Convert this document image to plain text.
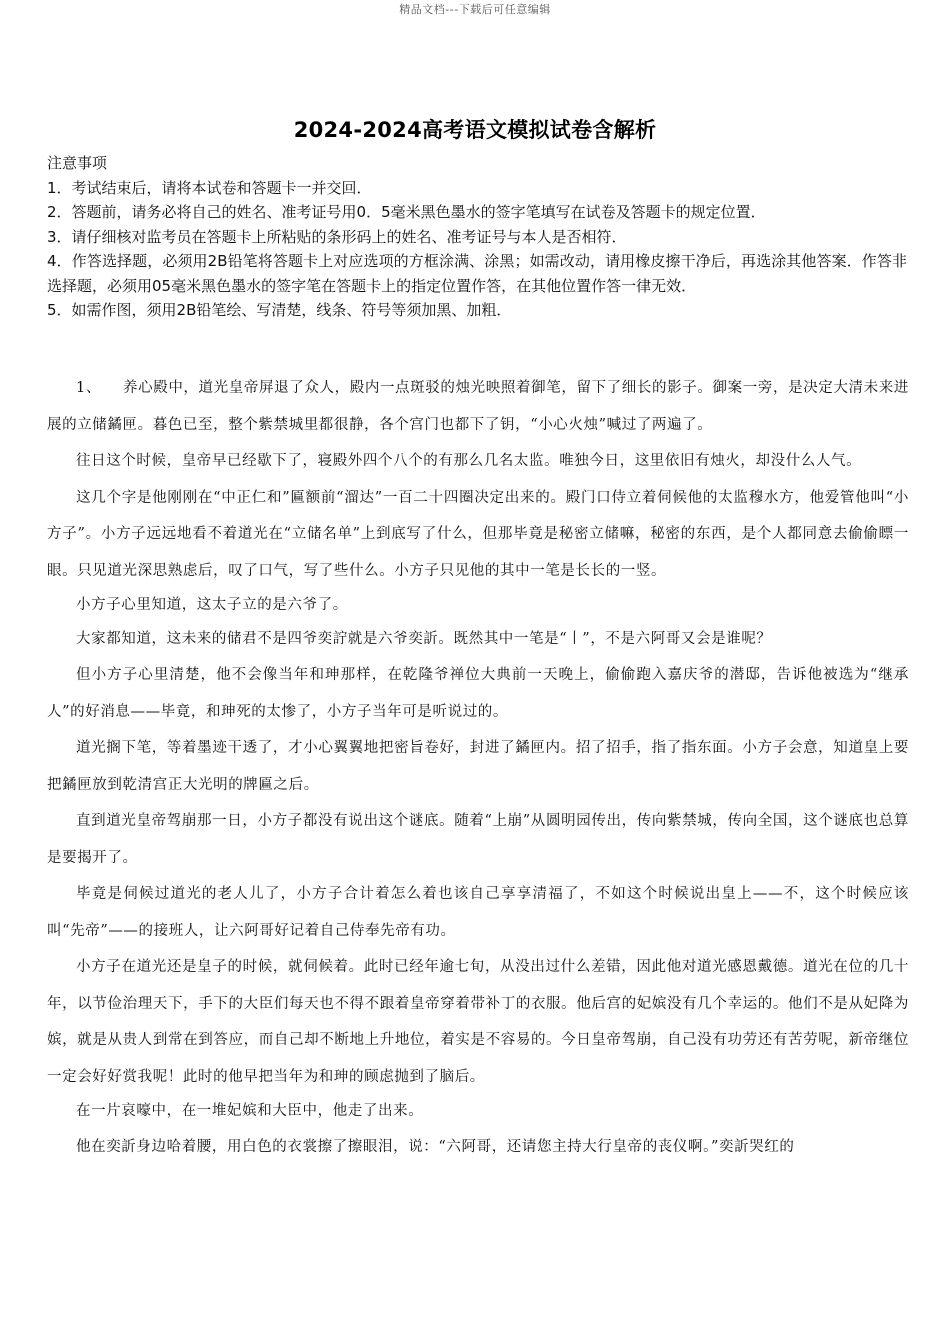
精品文档---下载后可任意编辑
2024-2024高考语文模拟试卷含解析

注意事项

1．考试结束后，请将本试卷和答题卡一并交回．

2．答题前，请务必将自己的姓名、准考证号用0．5毫米黑色墨水的签字笔填写在试卷及答题卡的规定位置．

3．请仔细核对监考员在答题卡上所粘贴的条形码上的姓名、准考证号与本人是否相符．

4．作答选择题，必须用2B铅笔将答题卡上对应选项的方框涂满、涂黑；如需改动，请用橡皮擦干净后，再选涂其他答案．作答非选择题，必须用05毫米黑色墨水的签字笔在答题卡上的指定位置作答，在其他位置作答一律无效．

5．如需作图，须用2B铅笔绘、写清楚，线条、符号等须加黑、加粗．

1、 养心殿中，道光皇帝屏退了众人，殿内一点斑驳的烛光映照着御笔，留下了细长的影子。御案一旁，是决定大清未来进展的立储鐍匣。暮色已至，整个紫禁城里都很静，各个宫门也都下了钥，“小心火烛”喊过了两遍了。

往日这个时候，皇帝早已经歇下了，寝殿外四个八个的有那么几名太监。唯独今日，这里依旧有烛火，却没什么人气。

这几个字是他刚刚在“中正仁和”匾额前“溜达”一百二十四圈决定出来的。殿门口侍立着伺候他的太监穆水方，他爱管他叫“小方子”。小方子远远地看不着道光在“立储名单”上到底写了什么，但那毕竟是秘密立储嘛，秘密的东西，是个人都同意去偷偷瞟一眼。只见道光深思熟虑后，叹了口气，写了些什么。小方子只见他的其中一笔是长长的一竖。

小方子心里知道，这太子立的是六爷了。

大家都知道，这未来的储君不是四爷奕詝就是六爷奕訢。既然其中一笔是“丨”，不是六阿哥又会是谁呢？

但小方子心里清楚，他不会像当年和珅那样，在乾隆爷禅位大典前一天晚上，偷偷跑入嘉庆爷的潜邸，告诉他被选为“继承人”的好消息——毕竟，和珅死的太惨了，小方子当年可是听说过的。

道光搁下笔，等着墨迹干透了，才小心翼翼地把密旨卷好，封进了鐍匣内。招了招手，指了指东面。小方子会意，知道皇上要把鐍匣放到乾清宫正大光明的牌匾之后。

直到道光皇帝驾崩那一日，小方子都没有说出这个谜底。随着“上崩”从圆明园传出，传向紫禁城，传向全国，这个谜底也总算是要揭开了。

毕竟是伺候过道光的老人儿了，小方子合计着怎么着也该自己享享清福了，不如这个时候说出皇上——不，这个时候应该叫“先帝”——的接班人，让六阿哥好记着自己侍奉先帝有功。

小方子在道光还是皇子的时候，就伺候着。此时已经年逾七旬，从没出过什么差错，因此他对道光感恩戴德。道光在位的几十年，以节俭治理天下，手下的大臣们每天也不得不跟着皇帝穿着带补丁的衣服。他后宫的妃嫔没有几个幸运的。他们不是从妃降为嫔，就是从贵人到常在到答应，而自己却不断地上升地位，着实是不容易的。今日皇帝驾崩，自己没有功劳还有苦劳呢，新帝继位一定会好好赏我呢！此时的他早把当年为和珅的顾虑抛到了脑后。

在一片哀嚎中，在一堆妃嫔和大臣中，他走了出来。

他在奕訢身边哈着腰，用白色的衣裳擦了擦眼泪，说：“六阿哥，还请您主持大行皇帝的丧仪啊。”奕訢哭红的
